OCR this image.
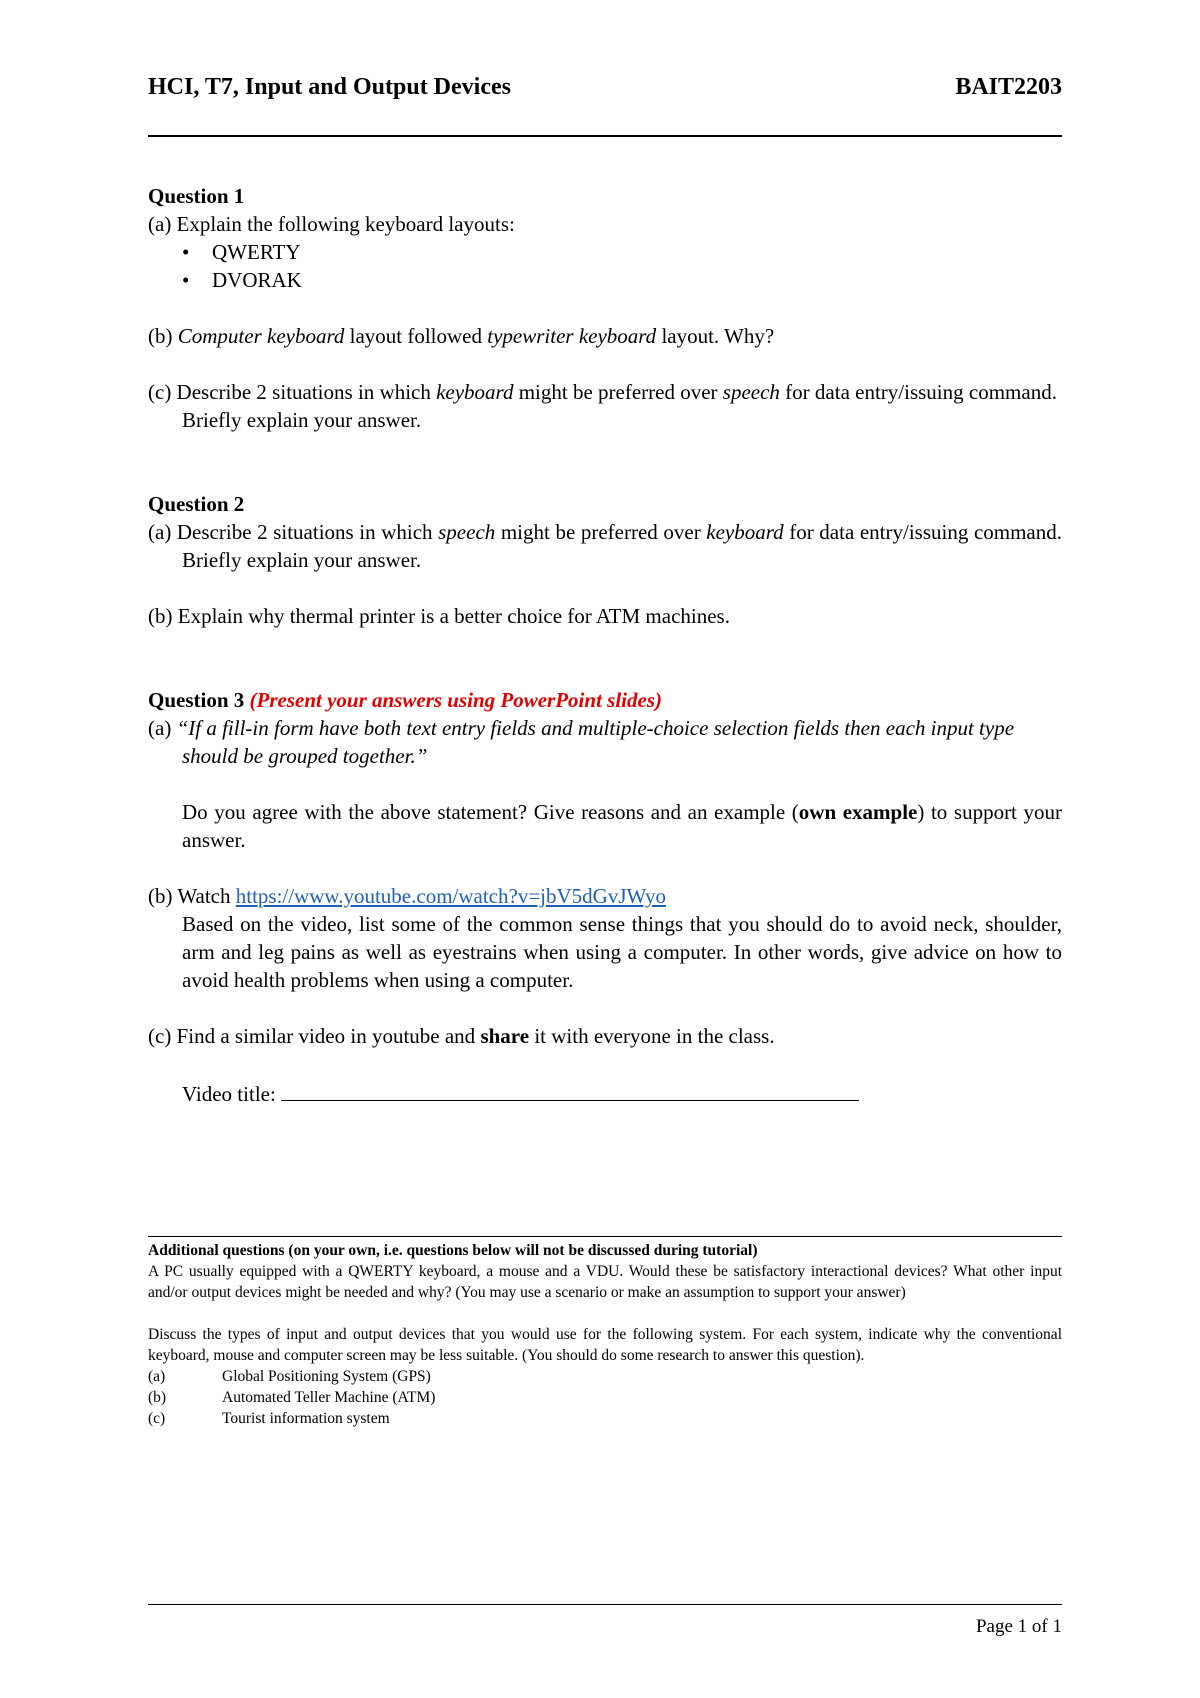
HCI, T7, Input and Output Devices	BAIT2203

Question 1

(a) Explain the following keyboard layouts:

• QWERTY
• DVORAK

(b) Computer keyboard layout followed typewriter keyboard layout. Why?

(c) Describe 2 situations in which keyboard might be preferred over speech for data entry/issuing command. Briefly explain your answer.

Question 2

(a) Describe 2 situations in which speech might be preferred over keyboard for data entry/issuing command. Briefly explain your answer.

(b) Explain why thermal printer is a better choice for ATM machines.

Question 3 (Present your answers using PowerPoint slides)

(a) “If a fill-in form have both text entry fields and multiple-choice selection fields then each input type should be grouped together.”

Do you agree with the above statement? Give reasons and an example (own example) to support your answer.

(b) Watch https://www.youtube.com/watch?v=jbV5dGvJWyo

Based on the video, list some of the common sense things that you should do to avoid neck, shoulder, arm and leg pains as well as eyestrains when using a computer. In other words, give advice on how to avoid health problems when using a computer.

(c) Find a similar video in youtube and share it with everyone in the class.

Video title:

Additional questions (on your own, i.e. questions below will not be discussed during tutorial)

A PC usually equipped with a QWERTY keyboard, a mouse and a VDU. Would these be satisfactory interactional devices? What other input and/or output devices might be needed and why? (You may use a scenario or make an assumption to support your answer)

Discuss the types of input and output devices that you would use for the following system. For each system, indicate why the conventional keyboard, mouse and computer screen may be less suitable. (You should do some research to answer this question).

(a)	Global Positioning System (GPS)
(b)	Automated Teller Machine (ATM)
(c)	Tourist information system
Page 1 of 1
